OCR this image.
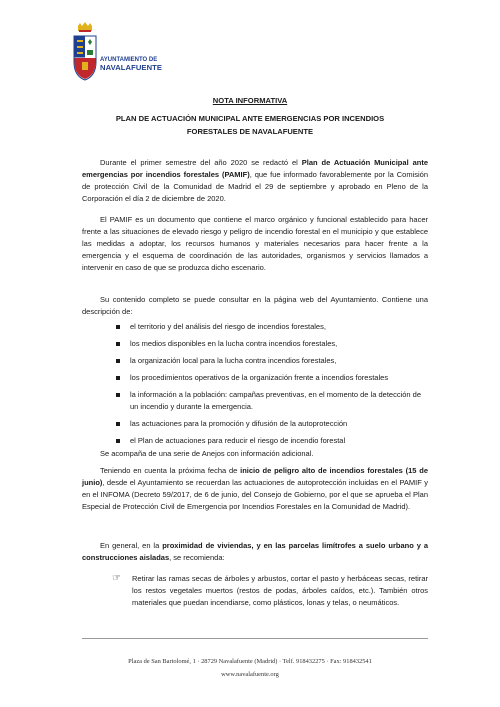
AYUNTAMIENTO DE
NAVALAFUENTE
NOTA INFORMATIVA
PLAN DE ACTUACIÓN MUNICIPAL ANTE EMERGENCIAS POR INCENDIOS FORESTALES DE NAVALAFUENTE
Durante el primer semestre del año 2020 se redactó el Plan de Actuación Municipal ante emergencias por incendios forestales (PAMIF), que fue informado favorablemente por la Comisión de protección Civil de la Comunidad de Madrid el 29 de septiembre y aprobado en Pleno de la Corporación el día 2 de diciembre de 2020.
El PAMIF es un documento que contiene el marco orgánico y funcional establecido para hacer frente a las situaciones de elevado riesgo y peligro de incendio forestal en el municipio y que establece las medidas a adoptar, los recursos humanos y materiales necesarios para hacer frente a la emergencia y el esquema de coordinación de las autoridades, organismos y servicios llamados a intervenir en caso de que se produzca dicho escenario.
Su contenido completo se puede consultar en la página web del Ayuntamiento. Contiene una descripción de:
el territorio y del análisis del riesgo de incendios forestales,
los medios disponibles en la lucha contra incendios forestales,
la organización local para la lucha contra incendios forestales,
los procedimientos operativos de la organización frente a incendios forestales
la información a la población: campañas preventivas, en el momento de la detección de un incendio y durante la emergencia.
las actuaciones para la promoción y difusión de la autoprotección
el Plan de actuaciones para reducir el riesgo de incendio forestal
Se acompaña de una serie de Anejos con información adicional.
Teniendo en cuenta la próxima fecha de inicio de peligro alto de incendios forestales (15 de junio), desde el Ayuntamiento se recuerdan las actuaciones de autoprotección incluidas en el PAMIF y en el INFOMA (Decreto 59/2017, de 6 de junio, del Consejo de Gobierno, por el que se aprueba el Plan Especial de Protección Civil de Emergencia por Incendios Forestales en la Comunidad de Madrid).
En general, en la proximidad de viviendas, y en las parcelas limítrofes a suelo urbano y a construcciones aisladas, se recomienda:
☞ Retirar las ramas secas de árboles y arbustos, cortar el pasto y herbáceas secas, retirar los restos vegetales muertos (restos de podas, árboles caídos, etc.). También otros materiales que puedan incendiarse, como plásticos, lonas y telas, o neumáticos.
Plaza de San Bartolomé, 1 · 28729 Navalafuente (Madrid) · Telf. 918432275 · Fax: 918432541
www.navalafuente.org
